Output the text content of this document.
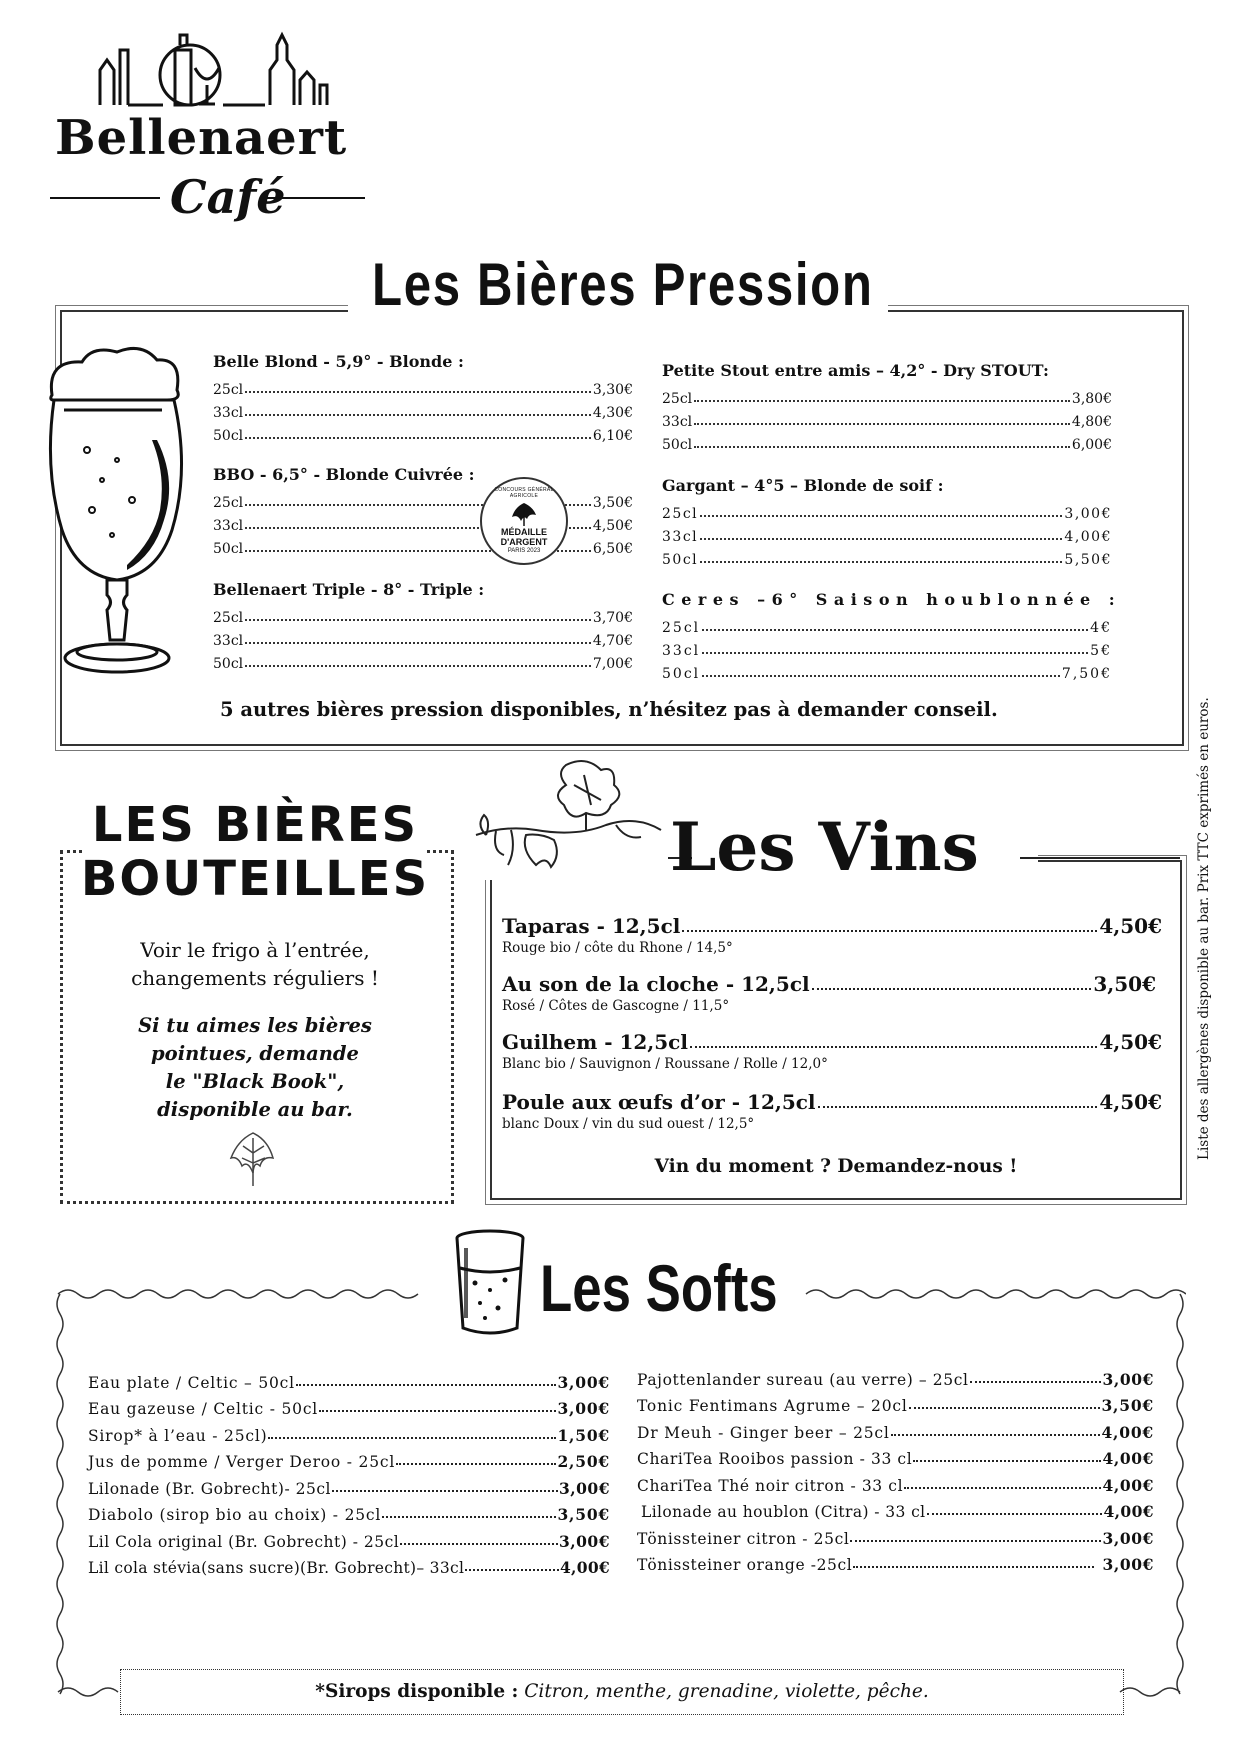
Bellenaert
Café
Les Bières Pression
Belle Blond - 5,9° - Blonde :
25cl	3,30€
33cl	4,30€
50cl	6,10€
BBO - 6,5° - Blonde Cuivrée :
25cl	3,50€
33cl	4,50€
50cl	6,50€
Bellenaert Triple - 8° - Triple :
25cl	3,70€
33cl	4,70€
50cl	7,00€
CONCOURS GÉNÉRAL AGRICOLE
MÉDAILLE
D'ARGENT
PARIS 2023
Petite Stout entre amis – 4,2° - Dry STOUT:
25cl	3,80€
33cl	4,80€
50cl	6,00€
Gargant – 4°5 – Blonde de soif :
25cl	3,00€
33cl	4,00€
50cl	5,50€
Ceres –6° Saison houblonnée :
25cl	4€
33cl	5€
50cl	7,50€
5 autres bières pression disponibles, n’hésitez pas à demander conseil.
LES BIÈRES
BOUTEILLES
Voir le frigo à l’entrée,
changements réguliers !
Si tu aimes les bières
pointues, demande
le "Black Book",
disponible au bar.
Les Vins
Taparas - 12,5cl	4,50€
Rouge bio / côte du Rhone / 14,5°
Au son de la cloche - 12,5cl	3,50€
Rosé / Côtes de Gascogne / 11,5°
Guilhem - 12,5cl	4,50€
Blanc bio / Sauvignon / Roussane / Rolle / 12,0°
Poule aux œufs d’or - 12,5cl	4,50€
blanc Doux / vin du sud ouest / 12,5°
Vin du moment ? Demandez-nous !
Les Softs
Eau plate / Celtic – 50cl	3,00€
Eau gazeuse / Celtic - 50cl	3,00€
Sirop* à l’eau - 25cl)	1,50€
Jus de pomme / Verger Deroo - 25cl	2,50€
Lilonade (Br. Gobrecht)- 25cl	3,00€
Diabolo (sirop bio au choix) - 25cl	3,50€
Lil Cola original (Br. Gobrecht) - 25cl	3,00€
Lil cola stévia(sans sucre)(Br. Gobrecht)– 33cl	4,00€
Pajottenlander sureau (au verre) – 25cl	3,00€
Tonic Fentimans Agrume – 20cl	3,50€
Dr Meuh - Ginger beer – 25cl	4,00€
ChariTea Rooibos passion - 33 cl	4,00€
ChariTea Thé noir citron - 33 cl	4,00€
Lilonade au houblon (Citra) - 33 cl	4,00€
Tönissteiner citron - 25cl	3,00€
Tönissteiner orange -25cl	3,00€
*Sirops disponible : Citron, menthe, grenadine, violette, pêche.
Liste des allergènes disponible au bar. Prix TTC exprimés en euros.
